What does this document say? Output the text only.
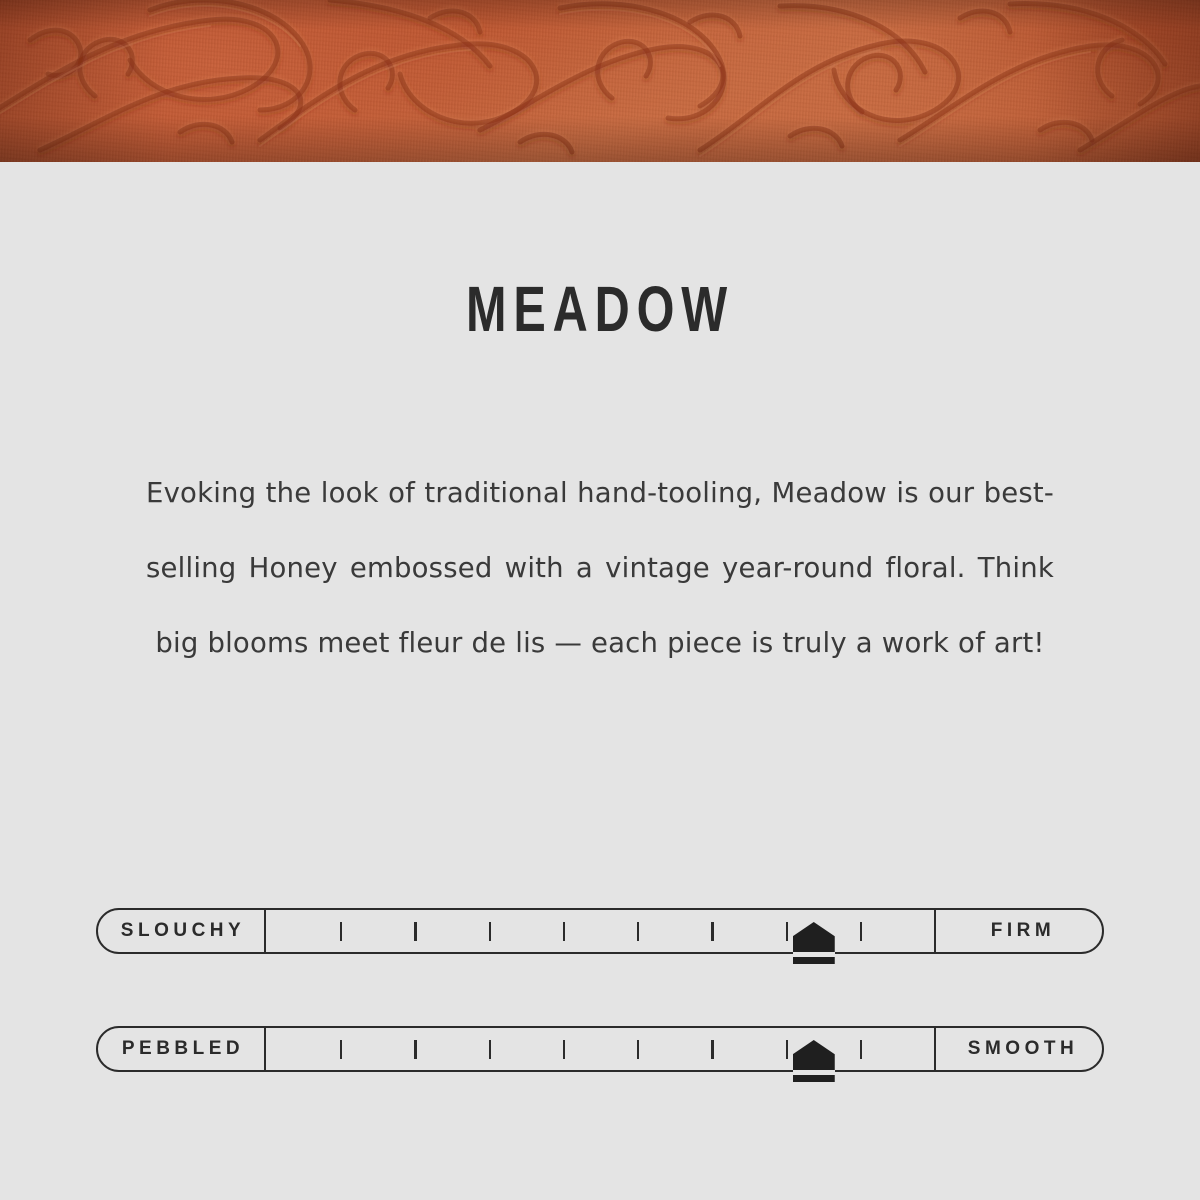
MEADOW

Evoking the look of traditional hand-tooling, Meadow is our best-selling Honey embossed with a vintage year-round floral. Think big blooms meet fleur de lis — each piece is truly a work of art!

SLOUCHY	FIRM
PEBBLED	SMOOTH
